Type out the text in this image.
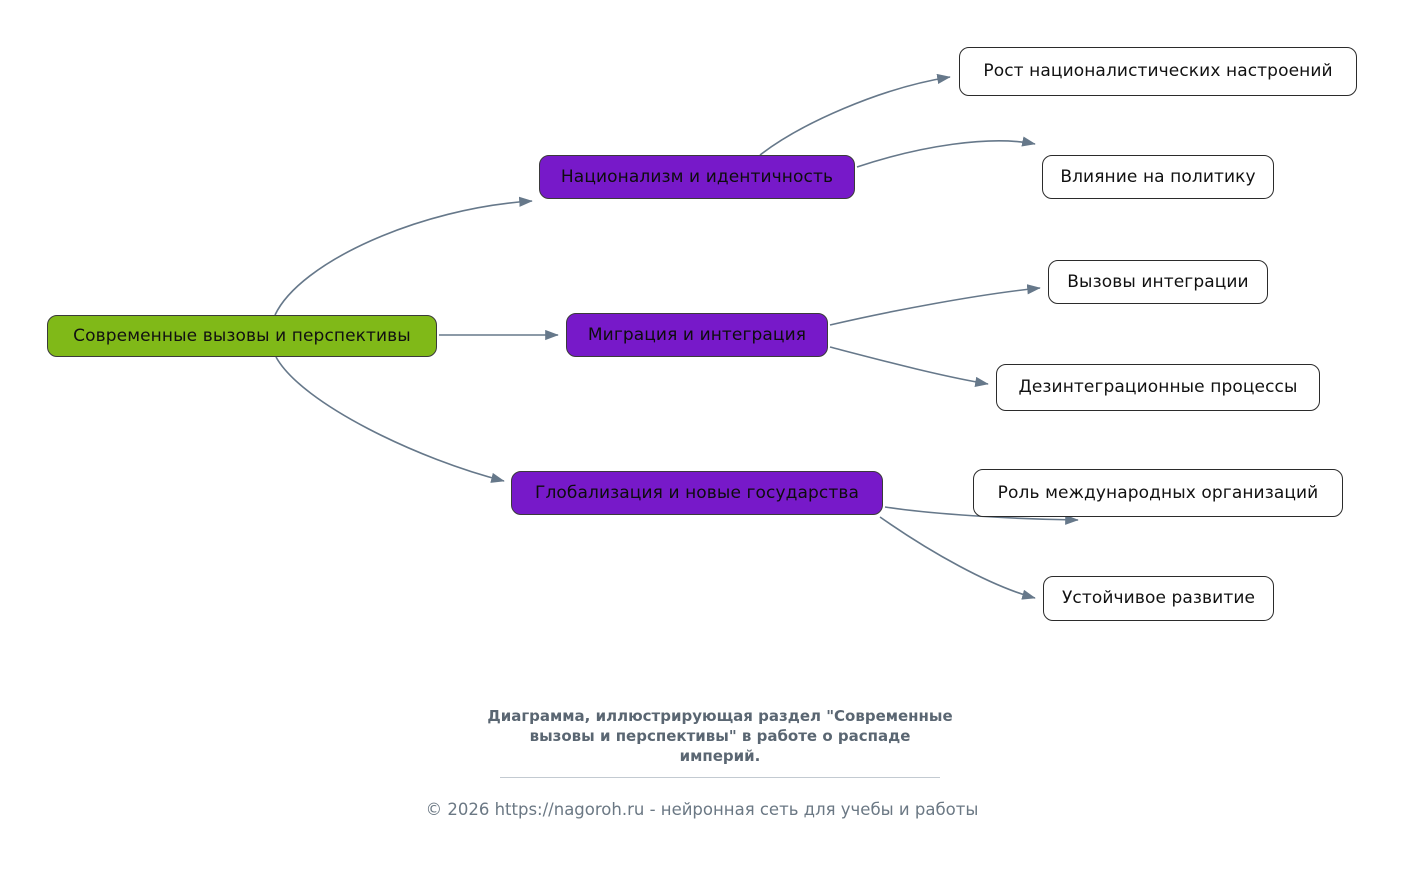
Современные вызовы и перспективы
Национализм и идентичность
Миграция и интеграция
Глобализация и новые государства
Рост националистических настроений
Влияние на политику
Вызовы интеграции
Дезинтеграционные процессы
Роль международных организаций
Устойчивое развитие
Диаграмма, иллюстрирующая раздел "Современные
вызовы и перспективы" в работе о распаде
империй.
© 2026 https://nagoroh.ru - нейронная сеть для учебы и работы
